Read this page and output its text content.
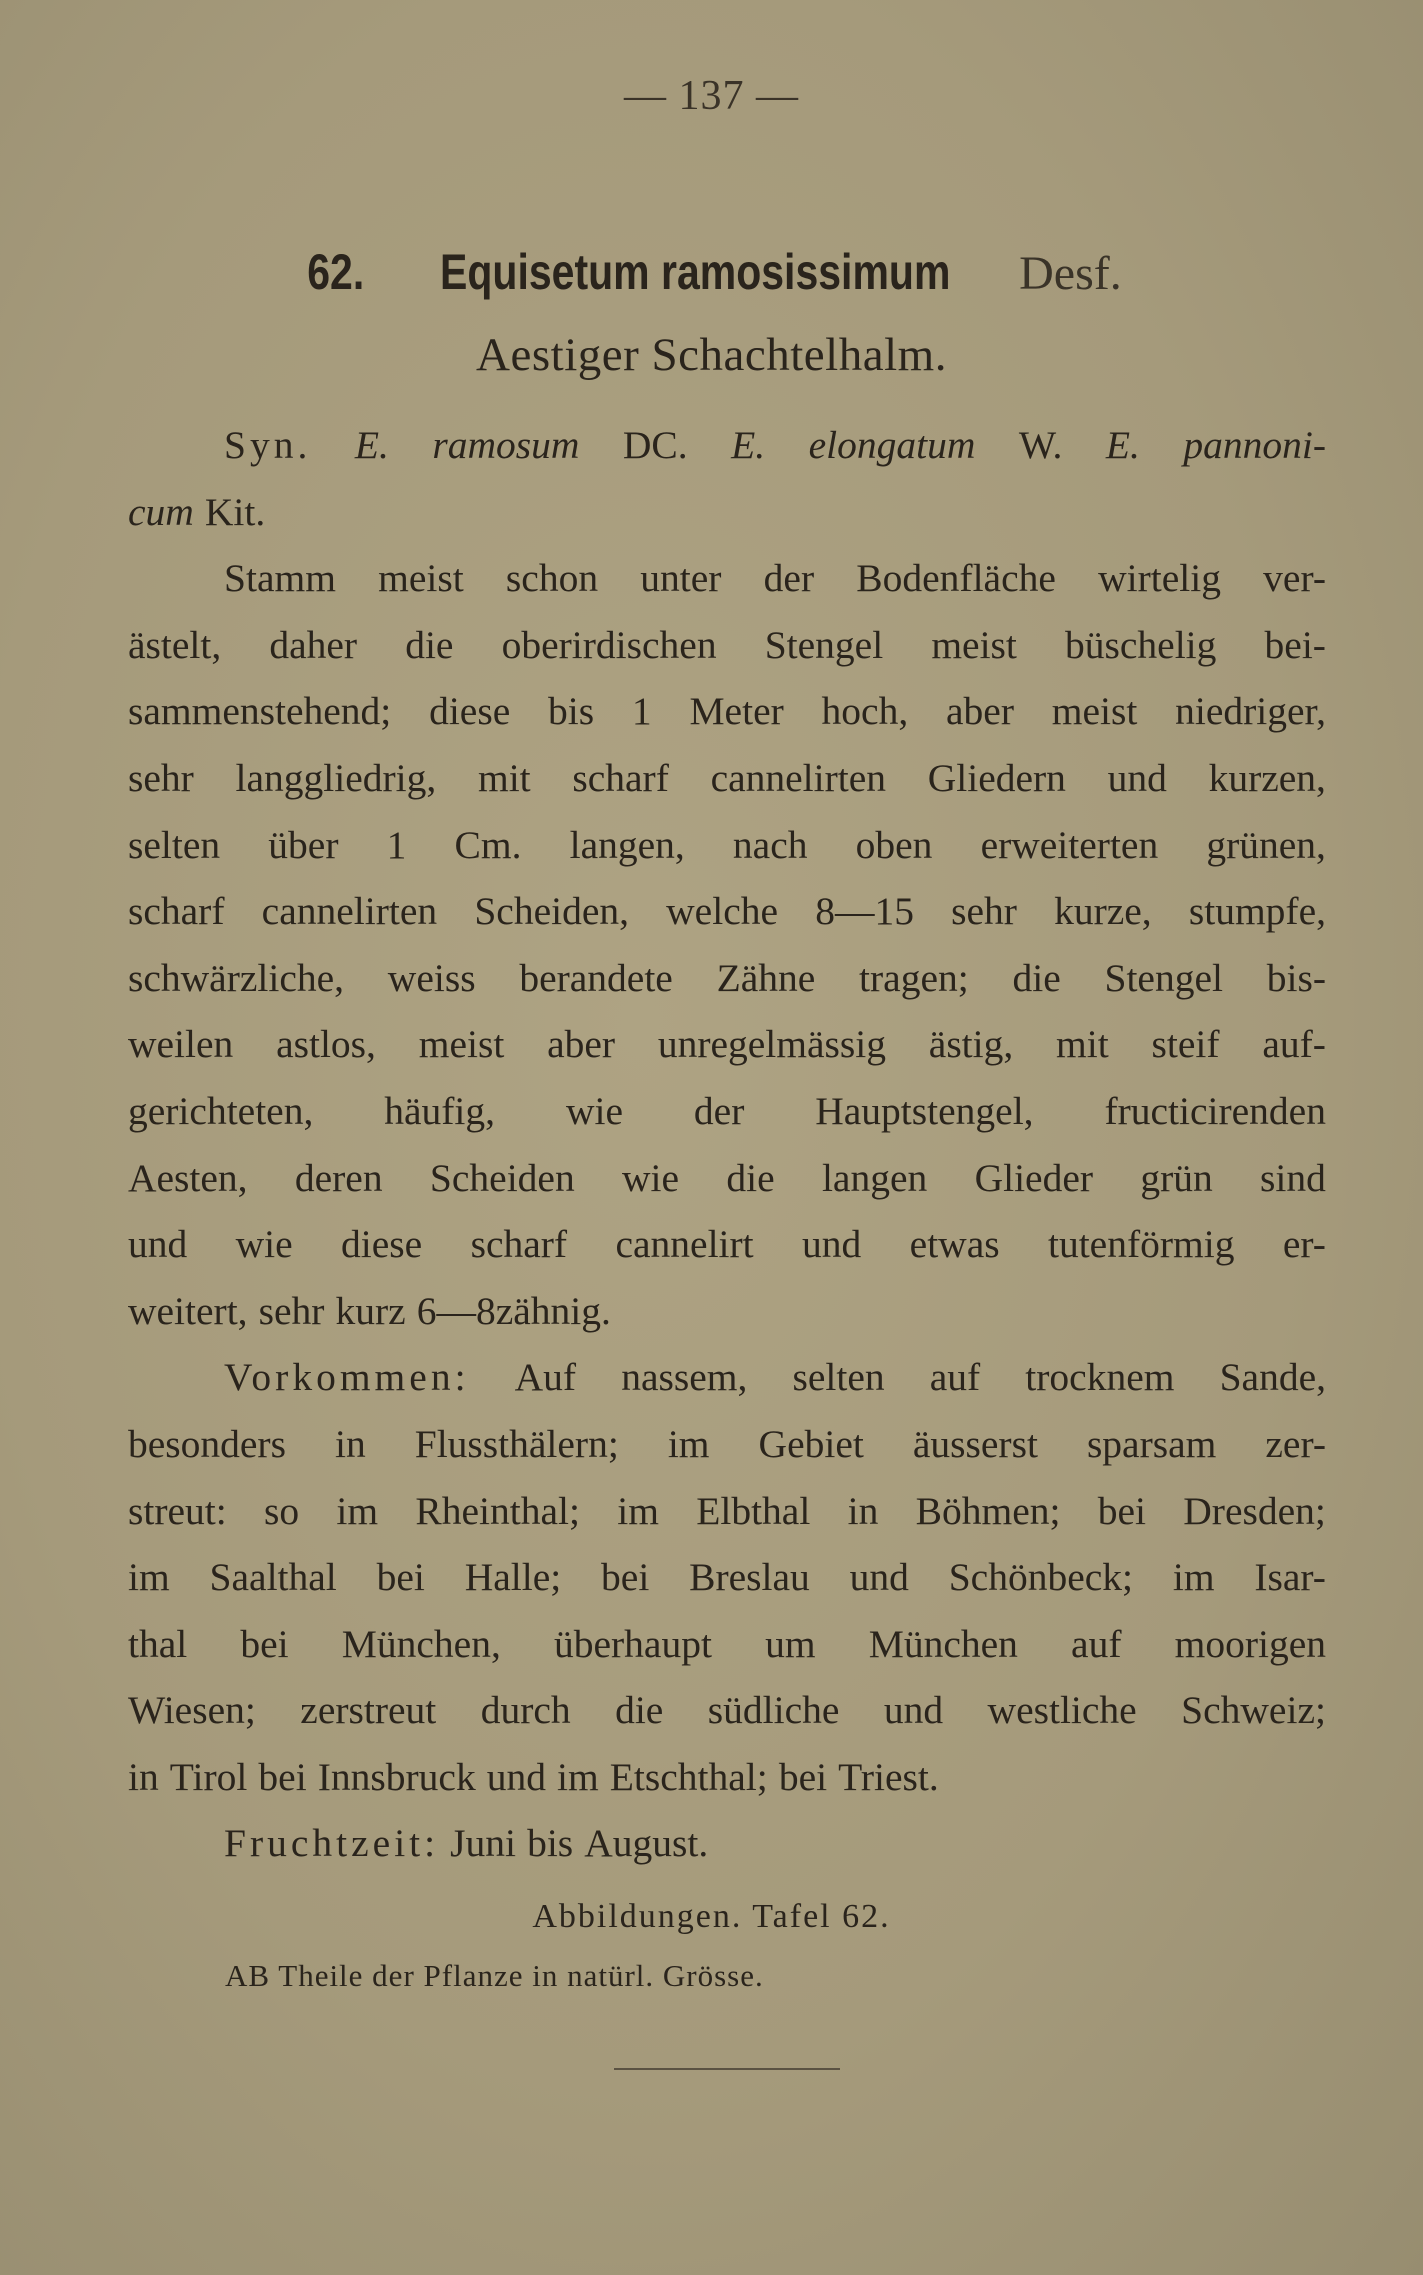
— 137 —
62. Equisetum ramosissimum Desf.
Aestiger Schachtelhalm.
Syn. E. ramosum DC. E. elongatum W. E. pannoni-
cum Kit.
Stamm meist schon unter der Bodenfläche wirtelig ver-
ästelt, daher die oberirdischen Stengel meist büschelig bei-
sammenstehend; diese bis 1 Meter hoch, aber meist niedriger,
sehr langgliedrig, mit scharf cannelirten Gliedern und kurzen,
selten über 1 Cm. langen, nach oben erweiterten grünen,
scharf cannelirten Scheiden, welche 8—15 sehr kurze, stumpfe,
schwärzliche, weiss berandete Zähne tragen; die Stengel bis-
weilen astlos, meist aber unregelmässig ästig, mit steif auf-
gerichteten, häufig, wie der Hauptstengel, fructicirenden
Aesten, deren Scheiden wie die langen Glieder grün sind
und wie diese scharf cannelirt und etwas tutenförmig er-
weitert, sehr kurz 6—8zähnig.
Vorkommen: Auf nassem, selten auf trocknem Sande,
besonders in Flussthälern; im Gebiet äusserst sparsam zer-
streut: so im Rheinthal; im Elbthal in Böhmen; bei Dresden;
im Saalthal bei Halle; bei Breslau und Schönbeck; im Isar-
thal bei München, überhaupt um München auf moorigen
Wiesen; zerstreut durch die südliche und westliche Schweiz;
in Tirol bei Innsbruck und im Etschthal; bei Triest.
Fruchtzeit: Juni bis August.
Abbildungen. Tafel 62.
AB Theile der Pflanze in natürl. Grösse.
